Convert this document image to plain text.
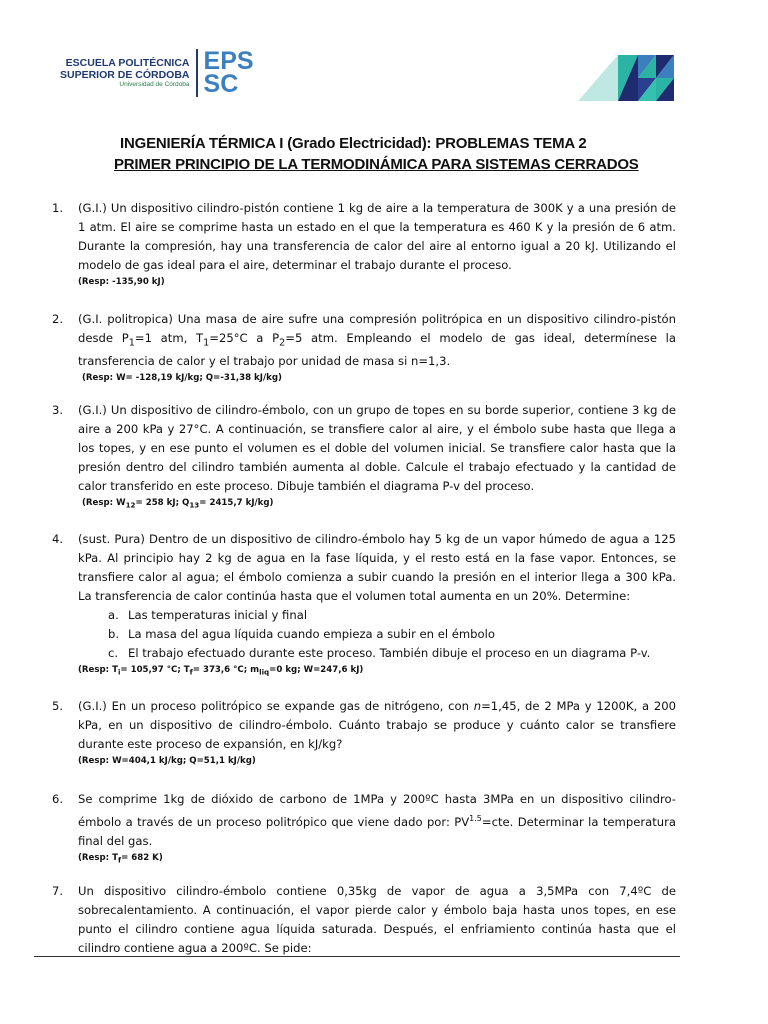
ESCUELA POLITÉCNICA
SUPERIOR DE CÓRDOBA
Universidad de Córdoba
EPS
SC
INGENIERÍA TÉRMICA I (Grado Electricidad): PROBLEMAS TEMA 2
PRIMER PRINCIPIO DE LA TERMODINÁMICA PARA SISTEMAS CERRADOS
1. (G.I.) Un dispositivo cilindro-pistón contiene 1 kg de aire a la temperatura de 300K y a una presión de 1 atm. El aire se comprime hasta un estado en el que la temperatura es 460 K y la presión de 6 atm. Durante la compresión, hay una transferencia de calor del aire al entorno igual a 20 kJ. Utilizando el modelo de gas ideal para el aire, determinar el trabajo durante el proceso.
(Resp: -135,90 kJ)
2. (G.I. politropica) Una masa de aire sufre una compresión politrópica en un dispositivo cilindro-pistón desde $P_1=1$ atm, $T_1=25^\circ C$ a $P_2=5$ atm. Empleando el modelo de gas ideal, determínese la transferencia de calor y el trabajo por unidad de masa si n=1,3.
(Resp: W= -128,19 kJ/kg; Q=-31,38 kJ/kg)
3. (G.I.) Un dispositivo de cilindro-émbolo, con un grupo de topes en su borde superior, contiene 3 kg de aire a 200 kPa y 27°C. A continuación, se transfiere calor al aire, y el émbolo sube hasta que llega a los topes, y en ese punto el volumen es el doble del volumen inicial. Se transfiere calor hasta que la presión dentro del cilindro también aumenta al doble. Calcule el trabajo efectuado y la cantidad de calor transferido en este proceso. Dibuje también el diagrama P-v del proceso.
(Resp: $W_{12}= 258$ kJ; $Q_{13}= 2415,7$ kJ/kg)
4. (sust. Pura) Dentro de un dispositivo de cilindro-émbolo hay 5 kg de un vapor húmedo de agua a 125 kPa. Al principio hay 2 kg de agua en la fase líquida, y el resto está en la fase vapor. Entonces, se transfiere calor al agua; el émbolo comienza a subir cuando la presión en el interior llega a 300 kPa. La transferencia de calor continúa hasta que el volumen total aumenta en un 20%. Determine:
a. Las temperaturas inicial y final
b. La masa del agua líquida cuando empieza a subir en el émbolo
c. El trabajo efectuado durante este proceso. También dibuje el proceso en un diagrama P-v.
(Resp: $T_i= 105,97$ °C; $T_f= 373,6$ °C; $m_{liq}=0$ kg; W=247,6 kJ)
5. (G.I.) En un proceso politrópico se expande gas de nitrógeno, con n=1,45, de 2 MPa y 1200K, a 200 kPa, en un dispositivo de cilindro-émbolo. Cuánto trabajo se produce y cuánto calor se transfiere durante este proceso de expansión, en kJ/kg?
(Resp: W=404,1 kJ/kg; Q=51,1 kJ/kg)
6. Se comprime 1kg de dióxido de carbono de 1MPa y 200ºC hasta 3MPa en un dispositivo cilindro-émbolo a través de un proceso politrópico que viene dado por: $PV^{1.5}=cte$. Determinar la temperatura final del gas.
(Resp: $T_f= 682$ K)
7. Un dispositivo cilindro-émbolo contiene 0,35kg de vapor de agua a 3,5MPa con 7,4ºC de sobrecalentamiento. A continuación, el vapor pierde calor y émbolo baja hasta unos topes, en ese punto el cilindro contiene agua líquida saturada. Después, el enfriamiento continúa hasta que el cilindro contiene agua a 200ºC. Se pide:
